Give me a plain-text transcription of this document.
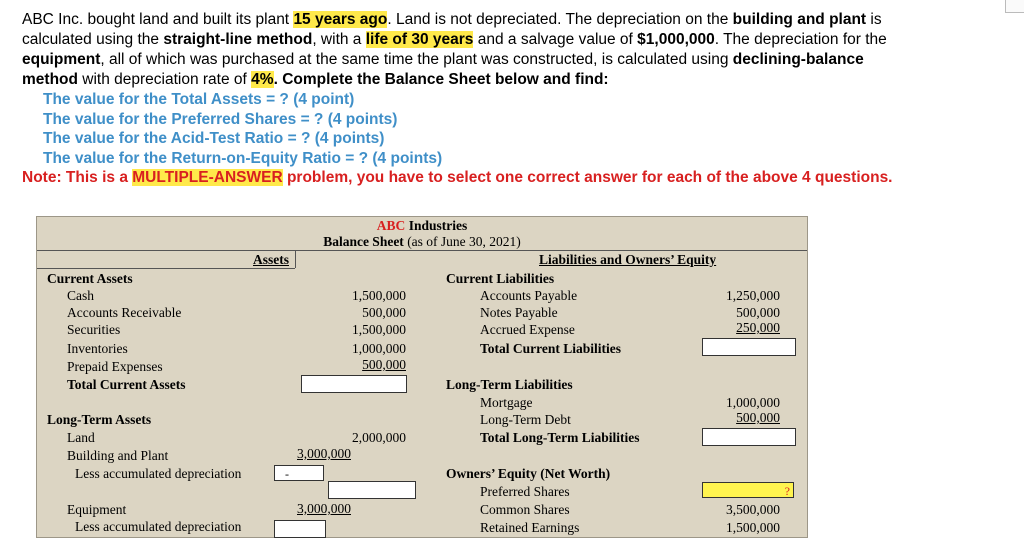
ABC Inc. bought land and built its plant 15 years ago. Land is not depreciated. The depreciation on the building and plant is calculated using the straight-line method, with a life of 30 years and a salvage value of $1,000,000. The depreciation for the equipment, all of which was purchased at the same time the plant was constructed, is calculated using declining-balance method with depreciation rate of 4%. Complete the Balance Sheet below and find:

The value for the Total Assets = ? (4 point)
The value for the Preferred Shares = ? (4 points)
The value for the Acid-Test Ratio = ? (4 points)
The value for the Return-on-Equity Ratio = ? (4 points)
Note: This is a MULTIPLE-ANSWER problem, you have to select one correct answer for each of the above 4 questions.
ABC Industries
Balance Sheet (as of June 30, 2021)
Assets	Liabilities and Owners’ Equity
Current Assets
Cash	1,500,000
Accounts Receivable	500,000
Securities	1,500,000
Inventories	1,000,000
Prepaid Expenses	500,000
Total Current Assets
Long-Term Assets
Land	2,000,000
Building and Plant	3,000,000
Less accumulated depreciation	-
Equipment	3,000,000
Less accumulated depreciation
Current Liabilities
Accounts Payable	1,250,000
Notes Payable	500,000
Accrued Expense	250,000
Total Current Liabilities
Long-Term Liabilities
Mortgage	1,000,000
Long-Term Debt	500,000
Total Long-Term Liabilities
Owners’ Equity (Net Worth)
Preferred Shares	?
Common Shares	3,500,000
Retained Earnings	1,500,000
